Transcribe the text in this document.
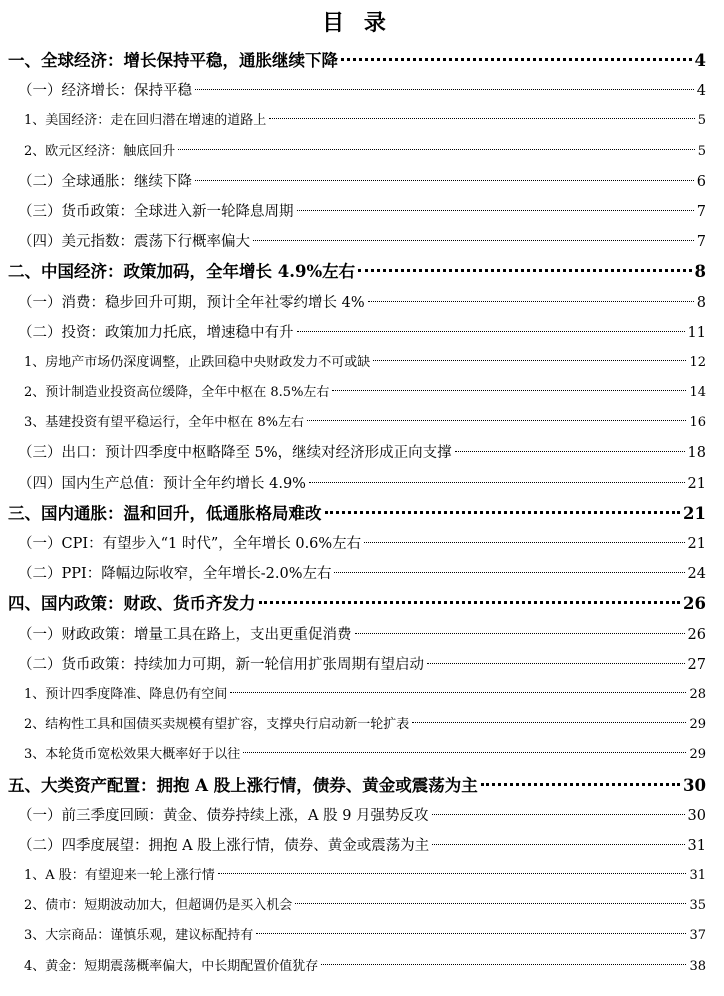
目 录
一、全球经济：增长保持平稳，通胀继续下降	4
（一）经济增长：保持平稳	4
1、美国经济：走在回归潜在增速的道路上	5
2、欧元区经济：触底回升	5
（二）全球通胀：继续下降	6
（三）货币政策：全球进入新一轮降息周期	7
（四）美元指数：震荡下行概率偏大	7
二、中国经济：政策加码，全年增长 4.9%左右	8
（一）消费：稳步回升可期，预计全年社零约增长 4%	8
（二）投资：政策加力托底，增速稳中有升	11
1、房地产市场仍深度调整，止跌回稳中央财政发力不可或缺	12
2、预计制造业投资高位缓降，全年中枢在 8.5%左右	14
3、基建投资有望平稳运行，全年中枢在 8%左右	16
（三）出口：预计四季度中枢略降至 5%，继续对经济形成正向支撑	18
（四）国内生产总值：预计全年约增长 4.9%	21
三、国内通胀：温和回升，低通胀格局难改	21
（一）CPI：有望步入“1 时代”，全年增长 0.6%左右	21
（二）PPI：降幅边际收窄，全年增长-2.0%左右	24
四、国内政策：财政、货币齐发力	26
（一）财政政策：增量工具在路上，支出更重促消费	26
（二）货币政策：持续加力可期，新一轮信用扩张周期有望启动	27
1、预计四季度降准、降息仍有空间	28
2、结构性工具和国债买卖规模有望扩容，支撑央行启动新一轮扩表	29
3、本轮货币宽松效果大概率好于以往	29
五、大类资产配置：拥抱 A 股上涨行情，债券、黄金或震荡为主	30
（一）前三季度回顾：黄金、债券持续上涨，A 股 9 月强势反攻	30
（二）四季度展望：拥抱 A 股上涨行情，债券、黄金或震荡为主	31
1、A 股：有望迎来一轮上涨行情	31
2、债市：短期波动加大，但超调仍是买入机会	35
3、大宗商品：谨慎乐观，建议标配持有	37
4、黄金：短期震荡概率偏大，中长期配置价值犹存	38
